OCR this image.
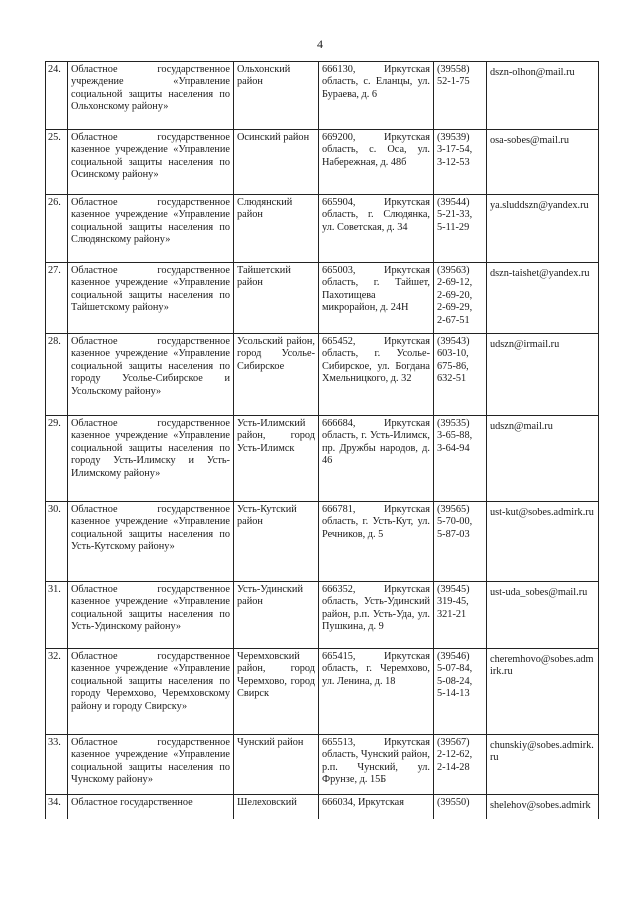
4
24.	Областное государственное учреждение «Управление социальной защиты населения по Ольхонскому району»	Ольхонский район	666130, Иркутская область, с. Еланцы, ул. Бураева, д. 6	(39558)
52-1-75	dszn-olhon@mail.ru
25.	Областное государственное казенное учреждение «Управление социальной защиты населения по Осинскому району»	Осинский район	669200, Иркутская область, с. Оса, ул. Набережная, д. 48б	(39539)
3-17-54,
3-12-53	osa-sobes@mail.ru
26.	Областное государственное казенное учреждение «Управление социальной защиты населения по Слюдянскому району»	Слюдянский район	665904, Иркутская область, г. Слюдянка, ул. Советская, д. 34	(39544)
5-21-33,
5-11-29	ya.sluddszn@yandex.ru
27.	Областное государственное казенное учреждение «Управление социальной защиты населения по Тайшетскому району»	Тайшетский район	665003, Иркутская область, г. Тайшет, Пахотищева микрорайон, д. 24Н	(39563)
2-69-12,
2-69-20,
2-69-29,
2-67-51	dszn-taishet@yandex.ru
28.	Областное государственное казенное учреждение «Управление социальной защиты населения по городу Усолье-Сибирское и Усольскому району»	Усольский район, город Усолье-Сибирское	665452, Иркутская область, г. Усолье-Сибирское, ул. Богдана Хмельницкого, д. 32	(39543)
603-10,
675-86,
632-51	udszn@irmail.ru
29.	Областное государственное казенное учреждение «Управление социальной защиты населения по городу Усть-Илимску и Усть-Илимскому району»	Усть-Илимский район, город Усть-Илимск	666684, Иркутская область, г. Усть-Илимск, пр. Дружбы народов, д. 46	(39535)
3-65-88,
3-64-94	udszn@mail.ru
30.	Областное государственное казенное учреждение «Управление социальной защиты населения по Усть-Кутскому району»	Усть-Кутский район	666781, Иркутская область, г. Усть-Кут, ул. Речников, д. 5	(39565)
5-70-00,
5-87-03	ust-kut@sobes.admirk.ru
31.	Областное государственное казенное учреждение «Управление социальной защиты населения по Усть-Удинскому району»	Усть-Удинский район	666352, Иркутская область, Усть-Удинский район, р.п. Усть-Уда, ул. Пушкина, д. 9	(39545)
319-45,
321-21	ust-uda_sobes@mail.ru
32.	Областное государственное казенное учреждение «Управление социальной защиты населения по городу Черемхово, Черемховскому району и городу Свирску»	Черемховский район, город Черемхово, город Свирск	665415, Иркутская область, г. Черемхово, ул. Ленина, д. 18	(39546)
5-07-84,
5-08-24,
5-14-13	cheremhovo@sobes.admirk.ru
33.	Областное государственное казенное учреждение «Управление социальной защиты населения по Чунскому району»	Чунский район	665513, Иркутская область, Чунский район, р.п. Чунский, ул. Фрунзе, д. 15Б	(39567)
2-12-62,
2-14-28	chunskiy@sobes.admirk.ru
34.	Областное государственное	Шелеховский	666034, Иркутская	(39550)	shelehov@sobes.admirk
